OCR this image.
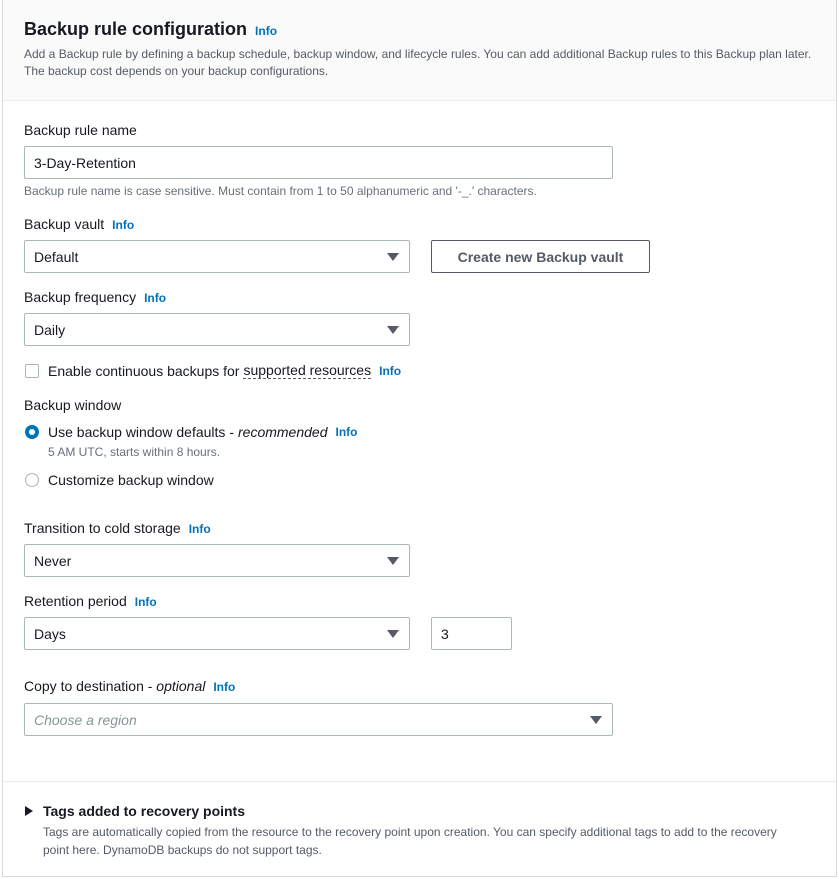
Backup rule configuration Info
Add a Backup rule by defining a backup schedule, backup window, and lifecycle rules. You can add additional Backup rules to this Backup plan later. The backup cost depends on your backup configurations.
Backup rule name
3-Day-Retention
Backup rule name is case sensitive. Must contain from 1 to 50 alphanumeric and '-_.' characters.
Backup vault Info
Default	Create new Backup vault
Backup frequency Info
Daily
Enable continuous backups for supported resources Info
Backup window
Use backup window defaults - recommended Info
5 AM UTC, starts within 8 hours.
Customize backup window
Transition to cold storage Info
Never
Retention period Info
Days	3
Copy to destination - optional Info
Choose a region
Tags added to recovery points
Tags are automatically copied from the resource to the recovery point upon creation. You can specify additional tags to add to the recovery point here. DynamoDB backups do not support tags.
